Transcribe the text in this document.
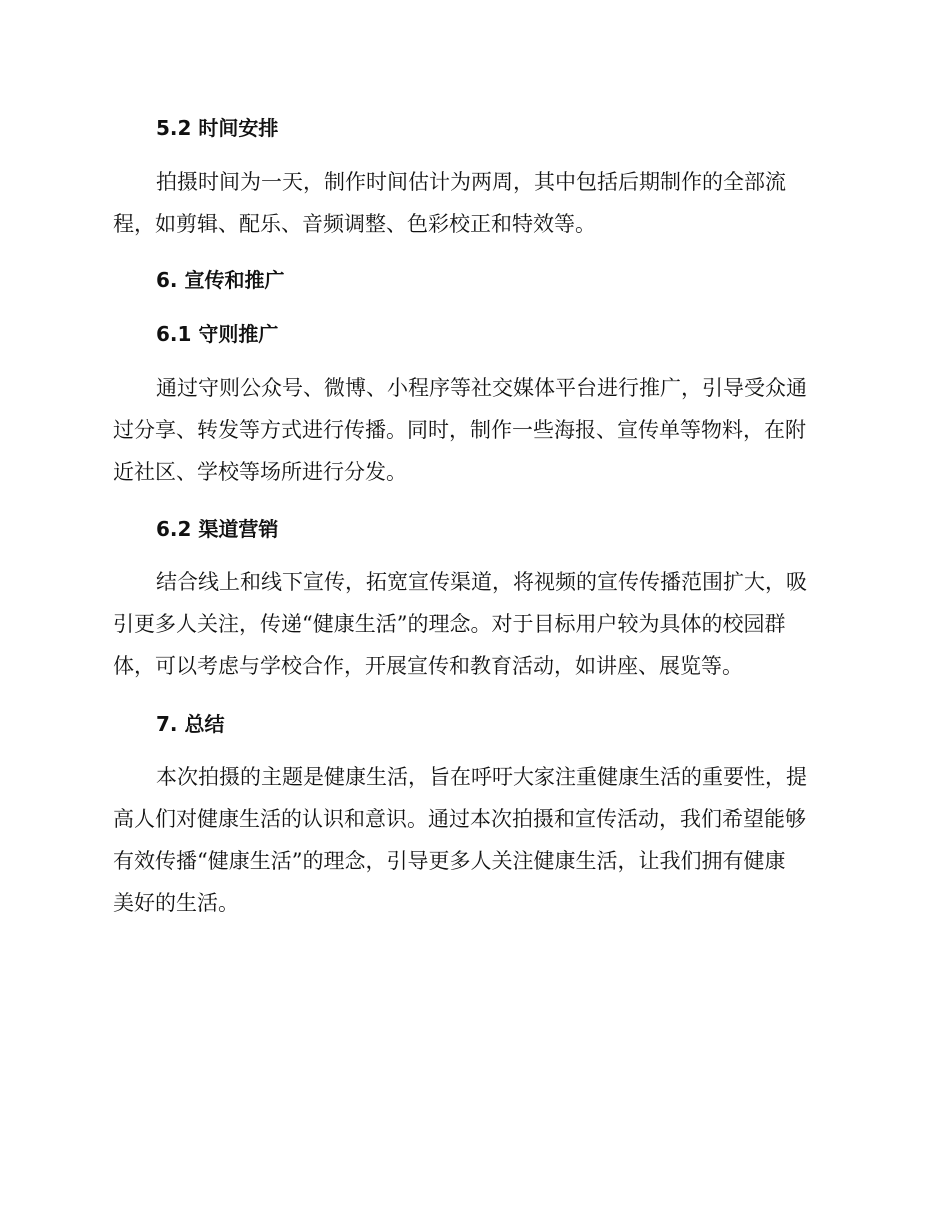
5.2 时间安排

拍摄时间为一天，制作时间估计为两周，其中包括后期制作的全部流
程，如剪辑、配乐、音频调整、色彩校正和特效等。

6. 宣传和推广
6.1 守则推广

通过守则公众号、微博、小程序等社交媒体平台进行推广，引导受众通
过分享、转发等方式进行传播。同时，制作一些海报、宣传单等物料，在附
近社区、学校等场所进行分发。

6.2 渠道营销

结合线上和线下宣传，拓宽宣传渠道，将视频的宣传传播范围扩大，吸
引更多人关注，传递“健康生活”的理念。对于目标用户较为具体的校园群
体，可以考虑与学校合作，开展宣传和教育活动，如讲座、展览等。

7. 总结

本次拍摄的主题是健康生活，旨在呼吁大家注重健康生活的重要性，提
高人们对健康生活的认识和意识。通过本次拍摄和宣传活动，我们希望能够
有效传播“健康生活”的理念，引导更多人关注健康生活，让我们拥有健康
美好的生活。
